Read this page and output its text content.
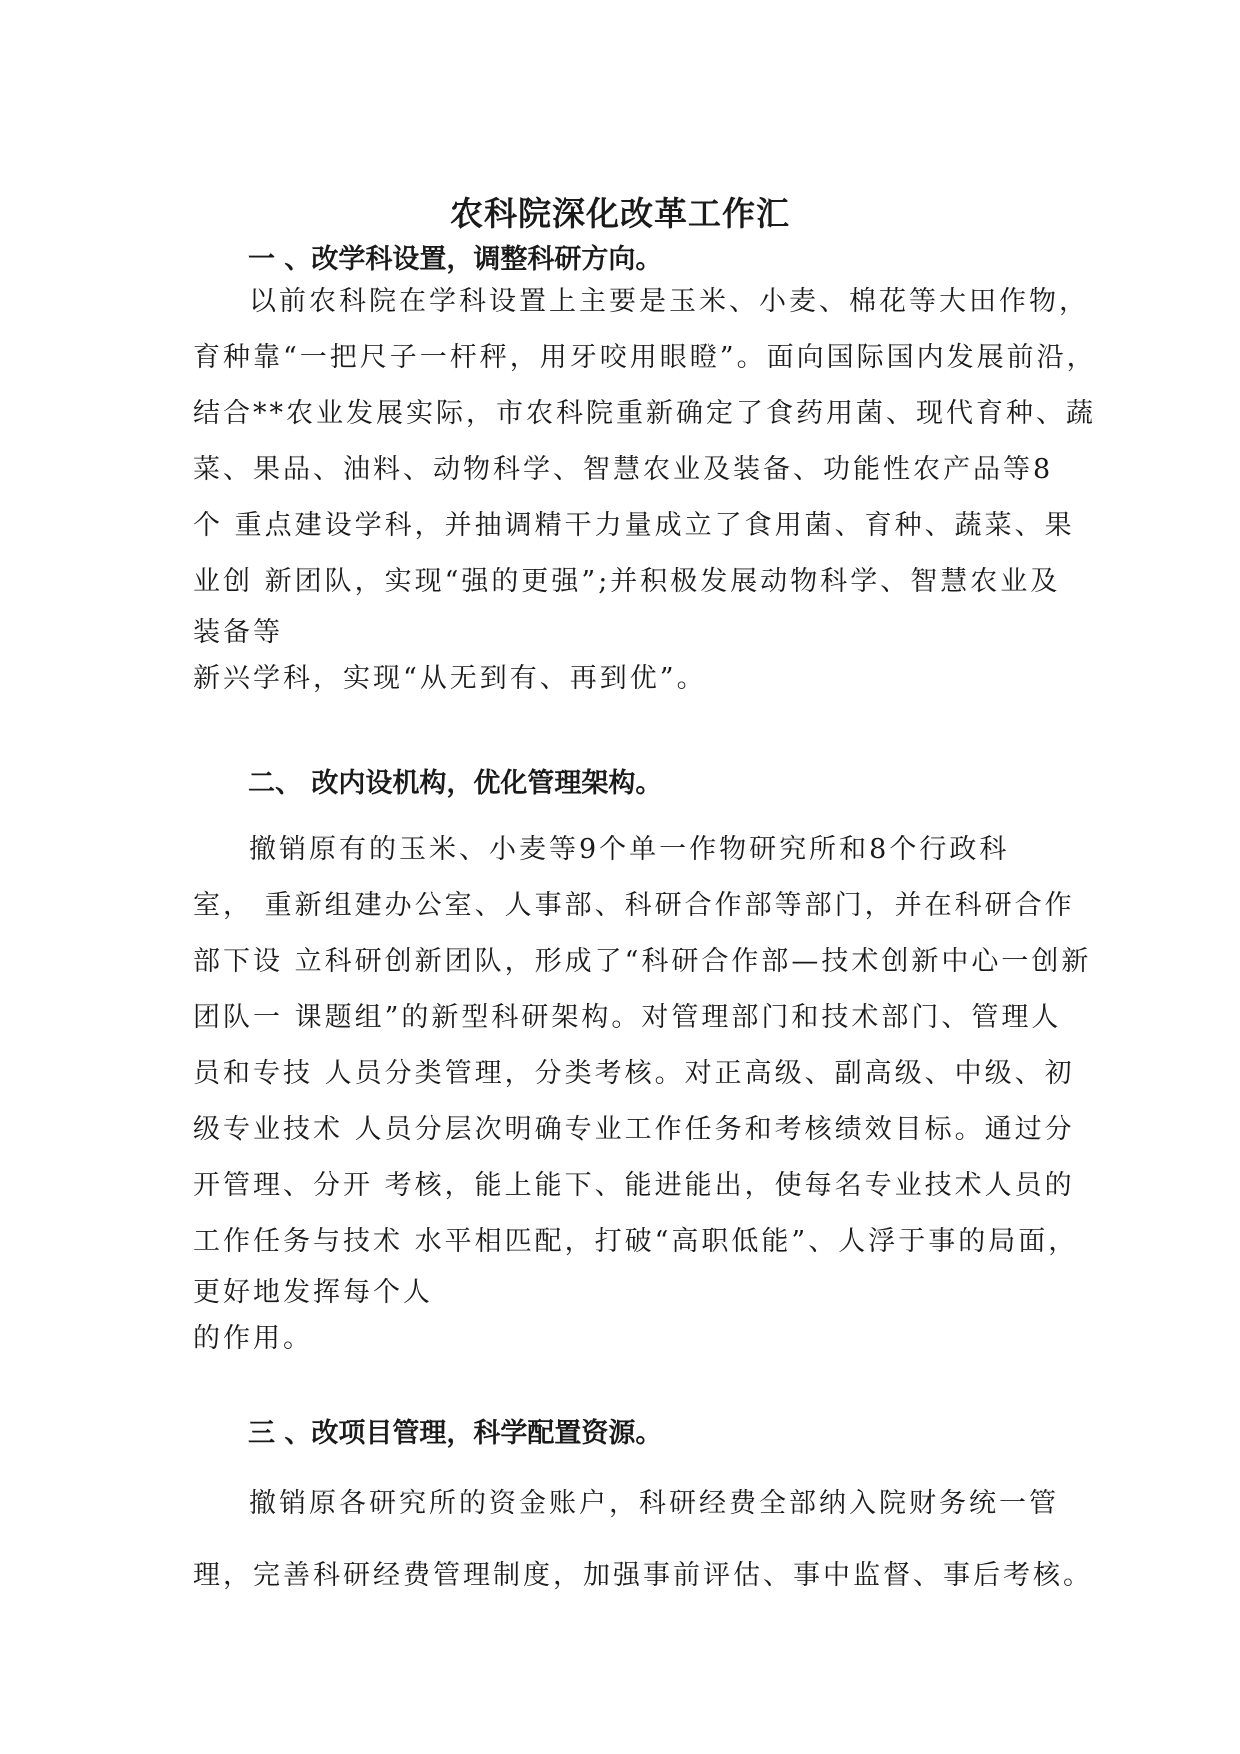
农科院深化改革工作汇
一 、改学科设置，调整科研方向。
以前农科院在学科设置上主要是玉米、小麦、棉花等大田作物，
育种靠“一把尺子一杆秤，用牙咬用眼瞪”。面向国际国内发展前沿，
结合**农业发展实际，市农科院重新确定了食药用菌、现代育种、蔬
菜、果品、油料、动物科学、智慧农业及装备、功能性农产品等8
个 重点建设学科，并抽调精干力量成立了食用菌、育种、蔬菜、果
业创 新团队，实现“强的更强”;并积极发展动物科学、智慧农业及
装备等
新兴学科，实现“从无到有、再到优”。
二、 改内设机构，优化管理架构。
撤销原有的玉米、小麦等9个单一作物研究所和8个行政科
室， 重新组建办公室、人事部、科研合作部等部门，并在科研合作
部下设 立科研创新团队，形成了“科研合作部—技术创新中心一创新
团队一 课题组”的新型科研架构。对管理部门和技术部门、管理人
员和专技 人员分类管理，分类考核。对正高级、副高级、中级、初
级专业技术 人员分层次明确专业工作任务和考核绩效目标。通过分
开管理、分开 考核，能上能下、能进能出，使每名专业技术人员的
工作任务与技术 水平相匹配，打破“高职低能”、人浮于事的局面，
更好地发挥每个人
的作用。
三 、改项目管理，科学配置资源。
撤销原各研究所的资金账户，科研经费全部纳入院财务统一管
理，完善科研经费管理制度，加强事前评估、事中监督、事后考核。
